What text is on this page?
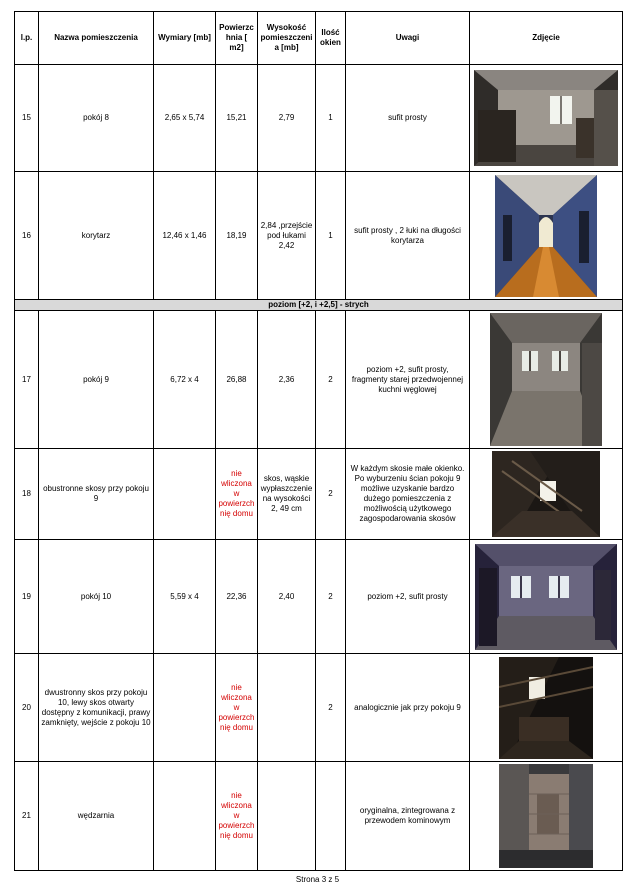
l.p.	Nazwa pomieszczenia	Wymiary [mb]	Powierzchnia [ m2]	Wysokość pomieszczenia [mb]	Ilość okien	Uwagi	Zdjęcie
15	pokój 8	2,65 x 5,74	15,21	2,79	1	sufit prosty	

16	korytarz	12,46 x 1,46	18,19	2,84 ,przejście pod łukami 2,42	1	sufit prosty , 2 łuki na długości korytarza	

poziom [+2, i +2,5] - strych							
17	pokój 9	6,72 x 4	26,88	2,36	2	poziom +2, sufit prosty, fragmenty starej przedwojennej kuchni węglowej	

18	obustronne skosy przy pokoju 9		nie wliczona w powierzchnię domu	skos, wąskie wypłaszczenie na wysokości 2, 49 cm	2	W każdym skosie małe okienko. Po wyburzeniu ścian pokoju 9 możliwe uzyskanie bardzo dużego pomieszczenia z możliwością użytkowego zagospodarowania skosów	

19	pokój 10	5,59 x 4	22,36	2,40	2	poziom +2, sufit prosty	

20	dwustronny skos przy pokoju 10, lewy skos otwarty dostępny z komunikacji, prawy zamknięty, wejście z pokoju 10		nie wliczona w powierzchnię domu		2	analogicznie jak przy pokoju 9	

21	wędzarnia		nie wliczona w powierzchnię domu			oryginalna, zintegrowana z przewodem kominowym	
Strona 3 z 5
